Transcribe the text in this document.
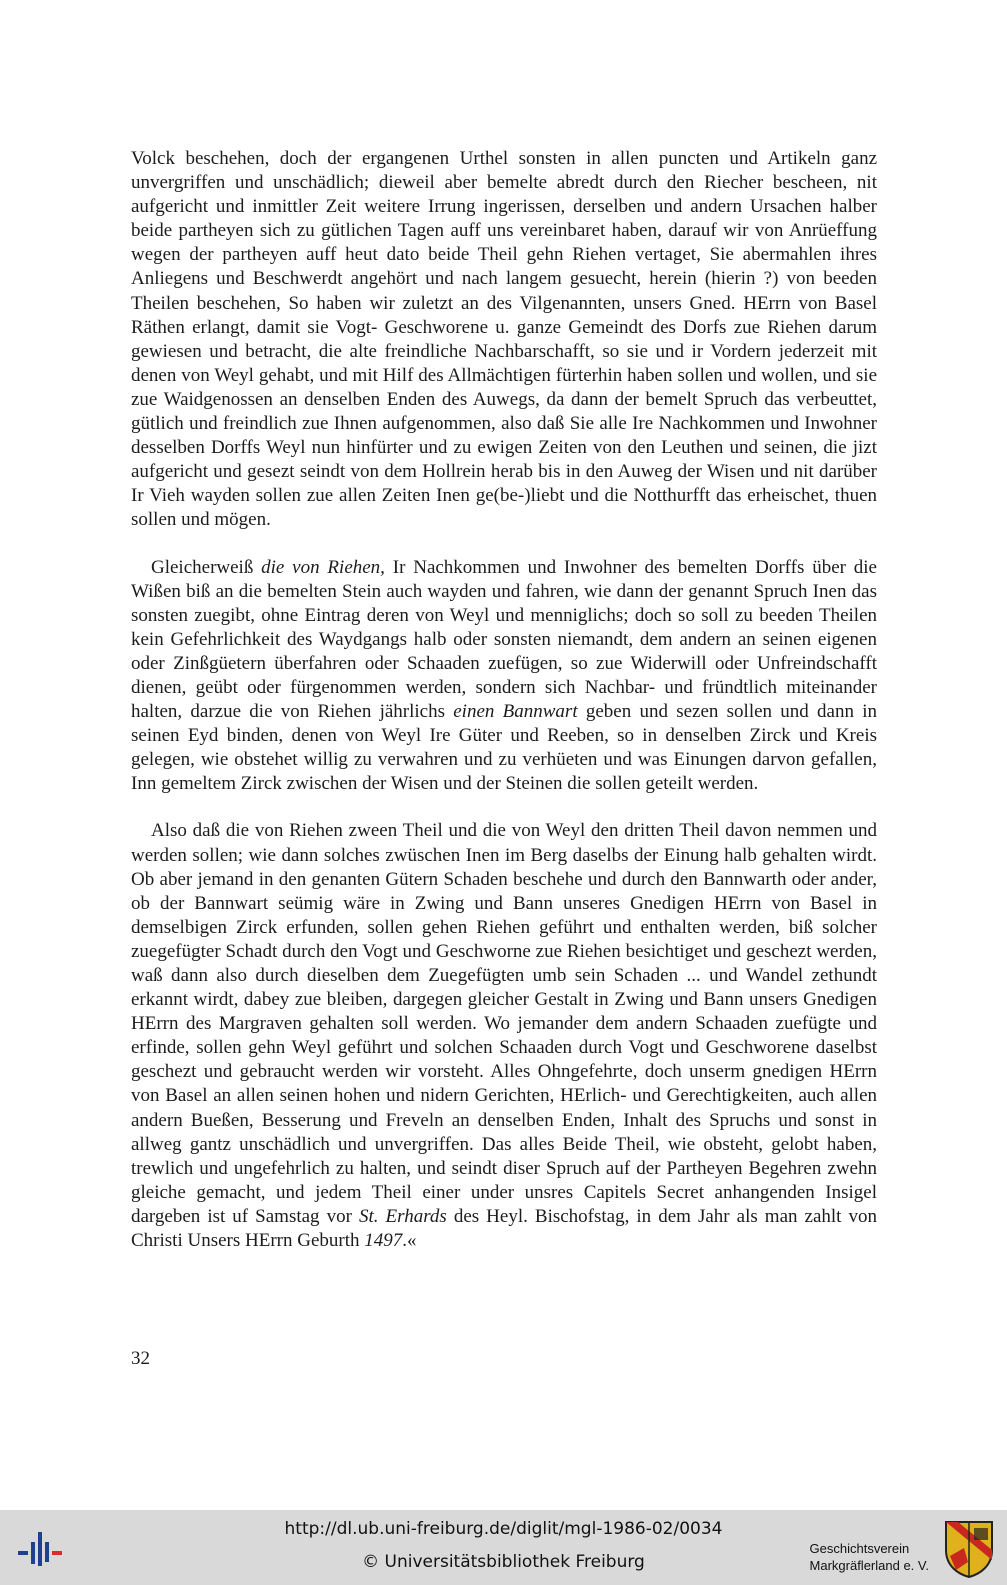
Volck beschehen, doch der ergangenen Urthel sonsten in allen puncten und Artikeln ganz unvergriffen und unschädlich; dieweil aber bemelte abredt durch den Riecher bescheen, nit aufgericht und inmittler Zeit weitere Irrung ingerissen, derselben und andern Ursachen halber beide partheyen sich zu gütlichen Tagen auff uns vereinbaret haben, darauf wir von Anrüeffung wegen der partheyen auff heut dato beide Theil gehn Riehen vertaget, Sie abermahlen ihres Anliegens und Beschwerdt angehört und nach langem gesuecht, herein (hierin ?) von beeden Theilen beschehen, So haben wir zuletzt an des Vilgenannten, unsers Gned. HErrn von Basel Räthen erlangt, damit sie Vogt- Geschworene u. ganze Gemeindt des Dorfs zue Riehen darum gewiesen und betracht, die alte freindliche Nachbarschafft, so sie und ir Vordern jederzeit mit denen von Weyl gehabt, und mit Hilf des Allmächtigen fürterhin haben sollen und wollen, und sie zue Waidgenossen an denselben Enden des Auwegs, da dann der bemelt Spruch das verbeuttet, gütlich und freindlich zue Ihnen aufgenommen, also daß Sie alle Ire Nachkommen und Inwohner desselben Dorffs Weyl nun hinfürter und zu ewigen Zeiten von den Leuthen und seinen, die jizt aufgericht und gesezt seindt von dem Hollrein herab bis in den Auweg der Wisen und nit darüber Ir Vieh wayden sollen zue allen Zeiten Inen ge(be-)liebt und die Notthurfft das erheischet, thuen sollen und mögen.

Gleicherweiß die von Riehen, Ir Nachkommen und Inwohner des bemelten Dorffs über die Wißen biß an die bemelten Stein auch wayden und fahren, wie dann der genannt Spruch Inen das sonsten zuegibt, ohne Eintrag deren von Weyl und menniglichs; doch so soll zu beeden Theilen kein Gefehrlichkeit des Waydgangs halb oder sonsten niemandt, dem andern an seinen eigenen oder Zinßgüetern überfahren oder Schaaden zuefügen, so zue Widerwill oder Unfreindschafft dienen, geübt oder fürgenommen werden, sondern sich Nachbar- und fründtlich miteinander halten, darzue die von Riehen jährlichs einen Bannwart geben und sezen sollen und dann in seinen Eyd binden, denen von Weyl Ire Güter und Reeben, so in denselben Zirck und Kreis gelegen, wie obstehet willig zu verwahren und zu verhüeten und was Einungen darvon gefallen, Inn gemeltem Zirck zwischen der Wisen und der Steinen die sollen geteilt werden.

Also daß die von Riehen zween Theil und die von Weyl den dritten Theil davon nemmen und werden sollen; wie dann solches zwüschen Inen im Berg daselbs der Einung halb gehalten wirdt. Ob aber jemand in den genanten Gütern Schaden beschehe und durch den Bannwarth oder ander, ob der Bannwart seümig wäre in Zwing und Bann unseres Gnedigen HErrn von Basel in demselbigen Zirck erfunden, sollen gehen Riehen geführt und enthalten werden, biß solcher zuegefügter Schadt durch den Vogt und Geschworne zue Riehen besichtiget und geschezt werden, waß dann also durch dieselben dem Zuegefügten umb sein Schaden ... und Wandel zethundt erkannt wirdt, dabey zue bleiben, dargegen gleicher Gestalt in Zwing und Bann unsers Gnedigen HErrn des Margraven gehalten soll werden. Wo jemander dem andern Schaaden zuefügte und erfinde, sollen gehn Weyl geführt und solchen Schaaden durch Vogt und Geschworene daselbst geschezt und gebraucht werden wir vorsteht. Alles Ohngefehrte, doch unserm gnedigen HErrn von Basel an allen seinen hohen und nidern Gerichten, HErlich- und Gerechtigkeiten, auch allen andern Bueßen, Besserung und Freveln an denselben Enden, Inhalt des Spruchs und sonst in allweg gantz unschädlich und unvergriffen. Das alles Beide Theil, wie obsteht, gelobt haben, trewlich und ungefehrlich zu halten, und seindt diser Spruch auf der Partheyen Begehren zwehn gleiche gemacht, und jedem Theil einer under unsres Capitels Secret anhangenden Insigel dargeben ist uf Samstag vor St. Erhards des Heyl. Bischofstag, in dem Jahr als man zahlt von Christi Unsers HErrn Geburth 1497.«

32
http://dl.ub.uni-freiburg.de/diglit/mgl-1986-02/0034
© Universitätsbibliothek Freiburg
Geschichtsverein
Markgräflerland e. V.
